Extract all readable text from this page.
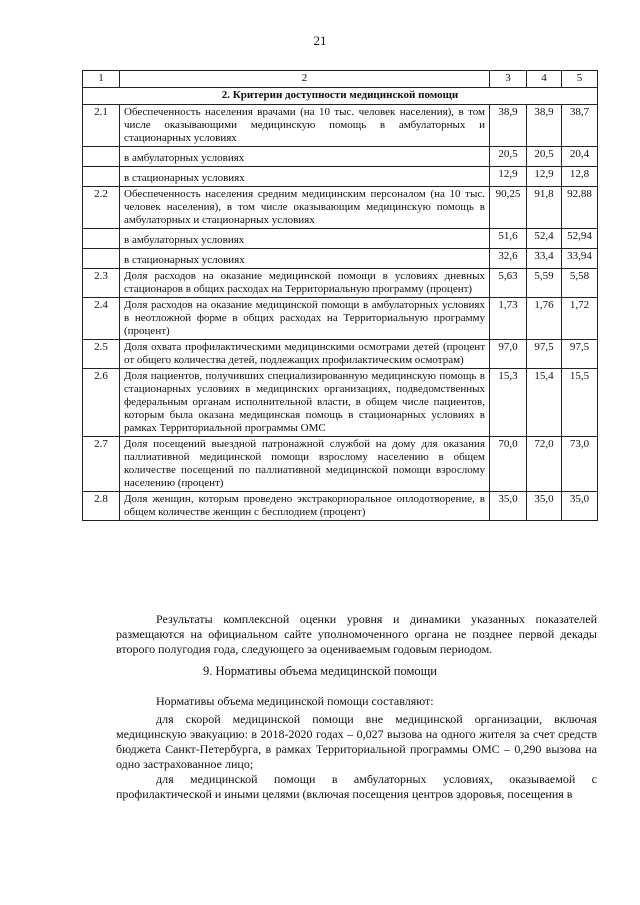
21
1	2	3	4	5
2. Критерии доступности медицинской помощи				
2.1	Обеспеченность населения врачами (на 10 тыс. человек населения), в том числе оказывающими медицинскую помощь в амбулаторных и стационарных условиях	38,9	38,9	38,7
	в амбулаторных условиях	20,5	20,5	20,4
	в стационарных условиях	12,9	12,9	12,8
2.2	Обеспеченность населения средним медицинским персоналом (на 10 тыс. человек населения), в том числе оказывающим медицинскую помощь в амбулаторных и стационарных условиях	90,25	91,8	92.88
	в амбулаторных условиях	51,6	52,4	52,94
	в стационарных условиях	32,6	33,4	33,94
2.3	Доля расходов на оказание медицинской помощи в условиях дневных стационаров в общих расходах на Территориальную программу (процент)	5,63	5,59	5,58
2.4	Доля расходов на оказание медицинской помощи в амбулаторных условиях в неотложной форме в общих расходах на Территориальную программу (процент)	1,73	1,76	1,72
2.5	Доля охвата профилактическими медицинскими осмотрами детей (процент от общего количества детей, подлежащих профилактическим осмотрам)	97,0	97,5	97,5
2.6	Доля пациентов, получивших специализированную медицинскую помощь в стационарных условиях в медицинских организациях, подведомственных федеральным органам исполнительной власти, в общем числе пациентов, которым была оказана медицинская помощь в стационарных условиях в рамках Территориальной программы ОМС	15,3	15,4	15,5
2.7	Доля посещений выездной патронажной службой на дому для оказания паллиативной медицинской помощи взрослому населению в общем количестве посещений по паллиативной медицинской помощи взрослому населению (процент)	70,0	72,0	73,0
2.8	Доля женщин, которым проведено экстракорпоральное оплодотворение, в общем количестве женщин с бесплодием (процент)	35,0	35,0	35,0
Результаты комплексной оценки уровня и динамики указанных показателей размещаются на официальном сайте уполномоченного органа не позднее первой декады второго полугодия года, следующего за оцениваемым годовым периодом.
9. Нормативы объема медицинской помощи
Нормативы объема медицинской помощи составляют:
для скорой медицинской помощи вне медицинской организации, включая медицинскую эвакуацию: в 2018-2020 годах – 0,027 вызова на одного жителя за счет средств бюджета Санкт-Петербурга, в рамках Территориальной программы ОМС – 0,290 вызова на одно застрахованное лицо;
для медицинской помощи в амбулаторных условиях, оказываемой с профилактической и иными целями (включая посещения центров здоровья, посещения в
